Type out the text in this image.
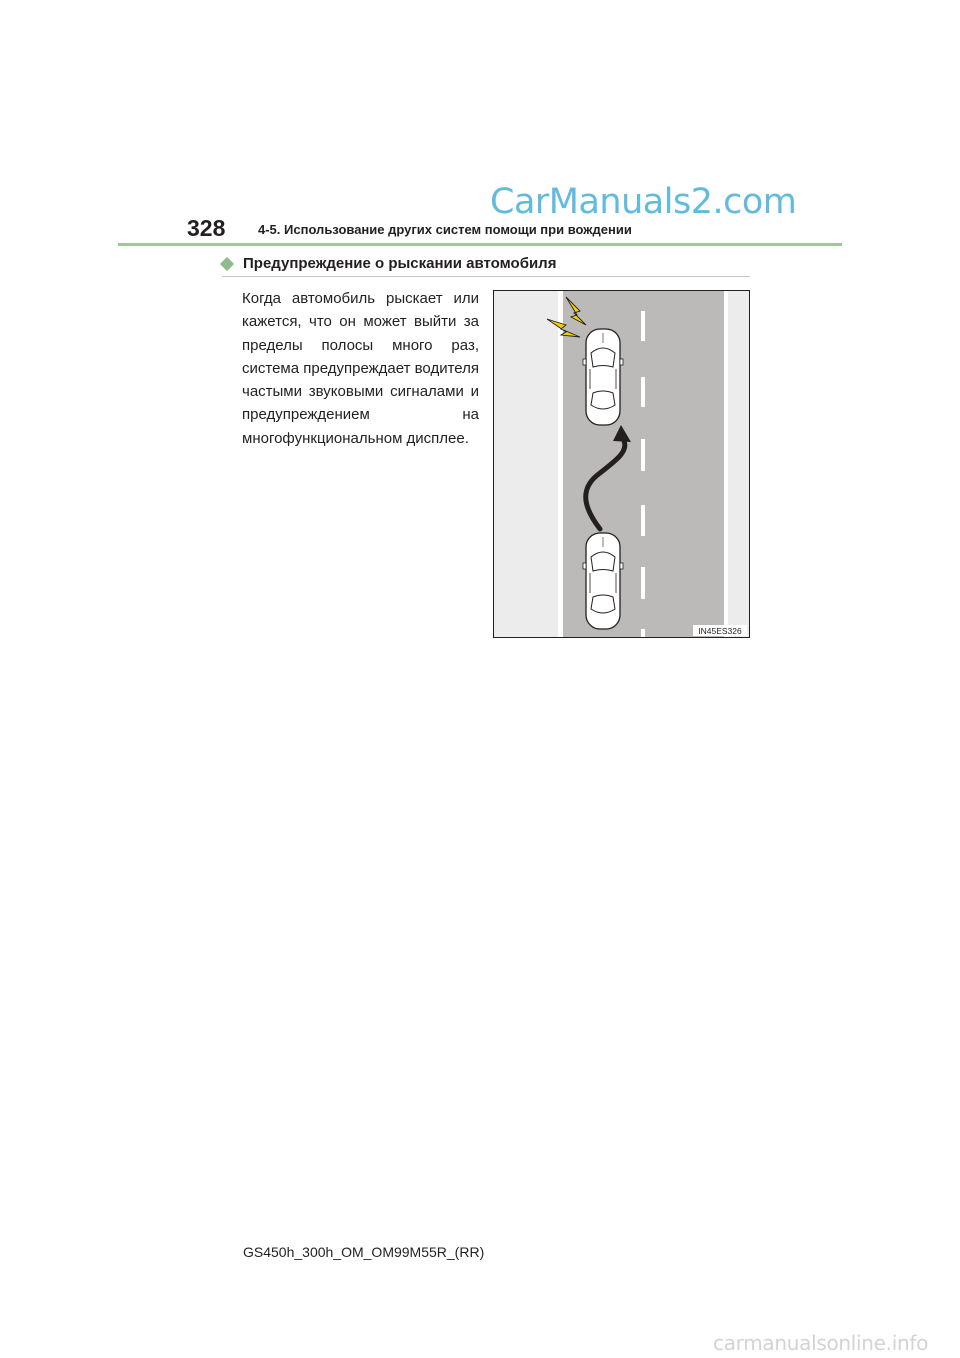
CarManuals2.com
328	4-5. Использование других систем помощи при вождении
Предупреждение о рыскании автомобиля

Когда автомобиль рыскает или кажется, что он может выйти за пределы полосы много раз, система предупреждает водителя частыми звуковыми сигналами и предупреждением на многофункциональном дисплее.

IN45ES326
GS450h_300h_OM_OM99M55R_(RR)
carmanualsonline.info
